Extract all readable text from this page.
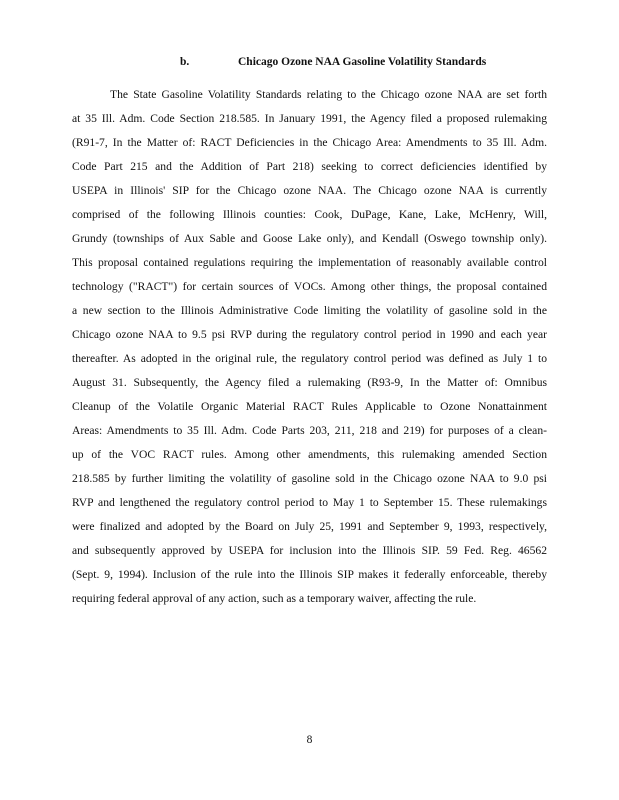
b.	Chicago Ozone NAA Gasoline Volatility Standards
The State Gasoline Volatility Standards relating to the Chicago ozone NAA are set forth
at 35 Ill. Adm. Code Section 218.585. In January 1991, the Agency filed a proposed rulemaking
(R91-7, In the Matter of: RACT Deficiencies in the Chicago Area: Amendments to 35 Ill. Adm.
Code Part 215 and the Addition of Part 218) seeking to correct deficiencies identified by
USEPA in Illinois' SIP for the Chicago ozone NAA. The Chicago ozone NAA is currently
comprised of the following Illinois counties: Cook, DuPage, Kane, Lake, McHenry, Will,
Grundy (townships of Aux Sable and Goose Lake only), and Kendall (Oswego township only).
This proposal contained regulations requiring the implementation of reasonably available control
technology ("RACT") for certain sources of VOCs. Among other things, the proposal contained
a new section to the Illinois Administrative Code limiting the volatility of gasoline sold in the
Chicago ozone NAA to 9.5 psi RVP during the regulatory control period in 1990 and each year
thereafter. As adopted in the original rule, the regulatory control period was defined as July 1 to
August 31. Subsequently, the Agency filed a rulemaking (R93-9, In the Matter of: Omnibus
Cleanup of the Volatile Organic Material RACT Rules Applicable to Ozone Nonattainment
Areas: Amendments to 35 Ill. Adm. Code Parts 203, 211, 218 and 219) for purposes of a clean-
up of the VOC RACT rules. Among other amendments, this rulemaking amended Section
218.585 by further limiting the volatility of gasoline sold in the Chicago ozone NAA to 9.0 psi
RVP and lengthened the regulatory control period to May 1 to September 15. These rulemakings
were finalized and adopted by the Board on July 25, 1991 and September 9, 1993, respectively,
and subsequently approved by USEPA for inclusion into the Illinois SIP. 59 Fed. Reg. 46562
(Sept. 9, 1994). Inclusion of the rule into the Illinois SIP makes it federally enforceable, thereby
requiring federal approval of any action, such as a temporary waiver, affecting the rule.
8
